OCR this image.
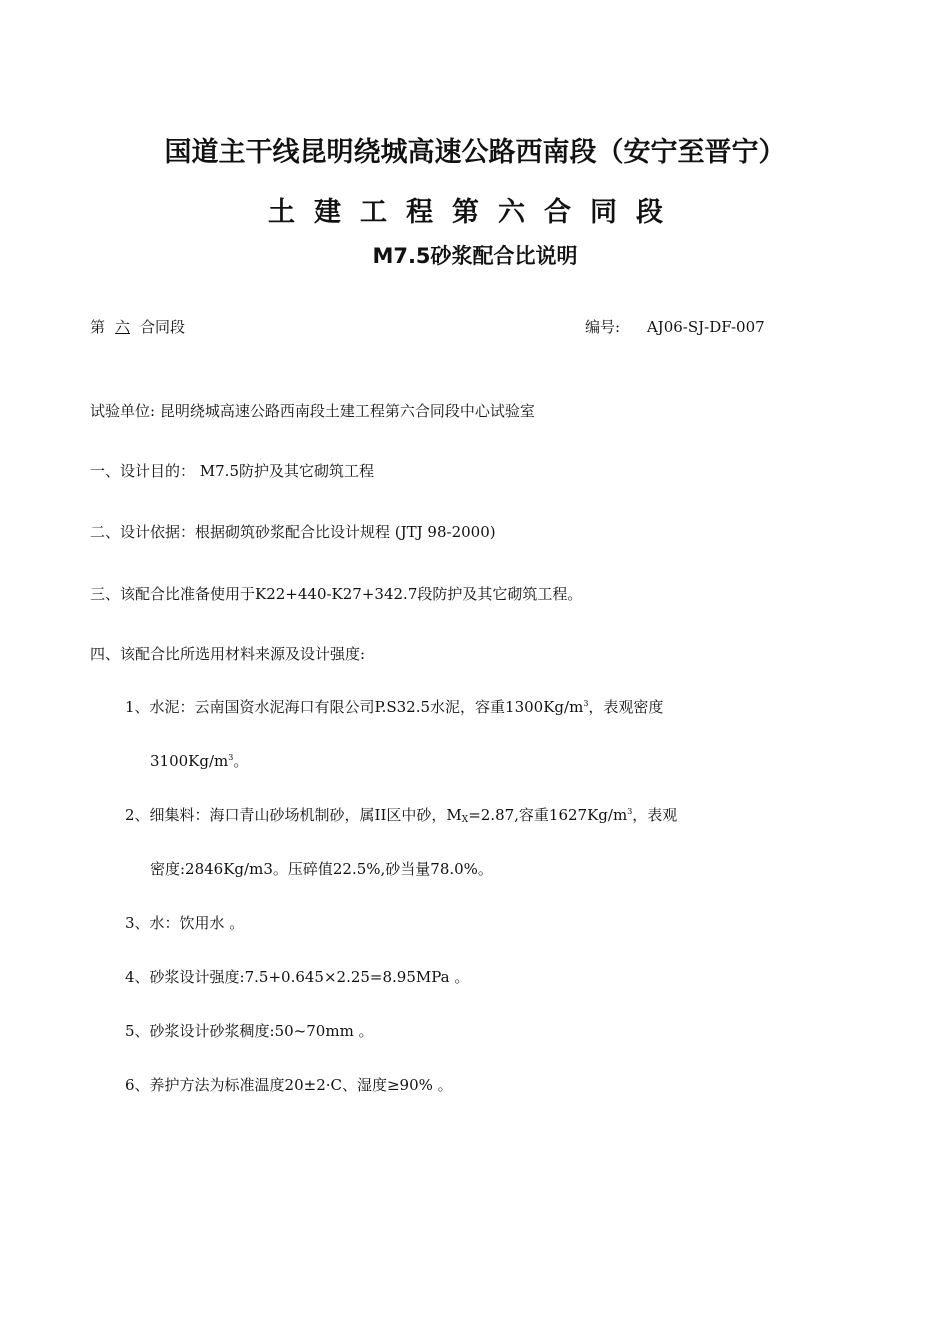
国道主干线昆明绕城高速公路西南段（安宁至晋宁）
土建工程第六合同段
M7.5砂浆配合比说明
第 六 合同段	编号: AJ06-SJ-DF-007
试验单位: 昆明绕城高速公路西南段土建工程第六合同段中心试验室
一、设计目的： M7.5防护及其它砌筑工程
二、设计依据：根据砌筑砂浆配合比设计规程 (JTJ 98-2000)
三、该配合比准备使用于K22+440-K27+342.7段防护及其它砌筑工程。
四、该配合比所选用材料来源及设计强度:
1、水泥：云南国资水泥海口有限公司P.S32.5水泥，容重$1300Kg/m^3$，表观密度
$3100Kg/m^3$。
2、细集料：海口青山砂场机制砂，属II区中砂，$M_X=2.87$,容重$1627Kg/m^3$，表观
密度:2846Kg/m3。压碎值22.5%,砂当量78.0%。
3、水：饮用水 。
4、砂浆设计强度:7.5+0.645×2.25=8.95MPa 。
5、砂浆设计砂浆稠度:50~70mm 。
6、养护方法为标准温度20±2·C、湿度≥90% 。
